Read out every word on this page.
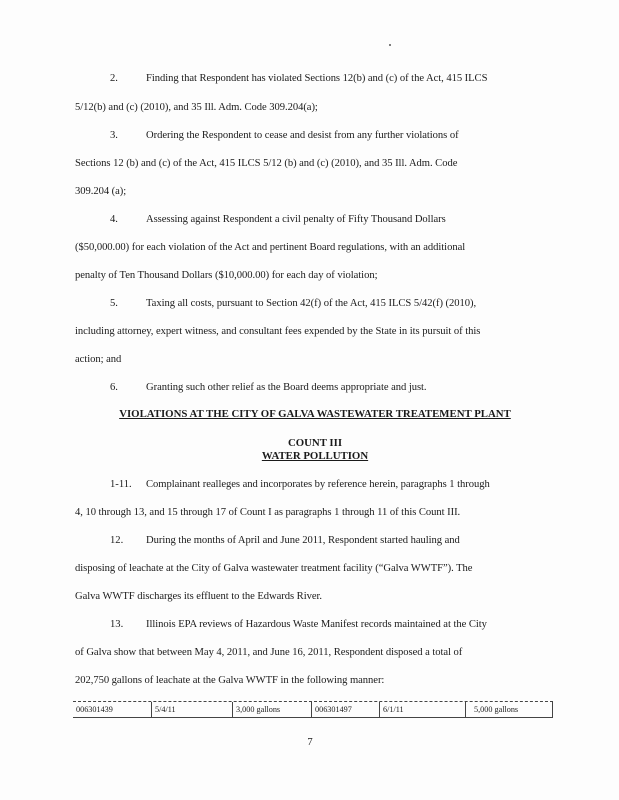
2.	Finding that Respondent has violated Sections 12(b) and (c) of the Act, 415 ILCS
5/12(b) and (c) (2010), and 35 Ill. Adm. Code 309.204(a);
3.	Ordering the Respondent to cease and desist from any further violations of
Sections 12 (b) and (c) of the Act, 415 ILCS 5/12 (b) and (c) (2010), and 35 Ill. Adm. Code
309.204 (a);
4.	Assessing against Respondent a civil penalty of Fifty Thousand Dollars
($50,000.00) for each violation of the Act and pertinent Board regulations, with an additional
penalty of Ten Thousand Dollars ($10,000.00) for each day of violation;
5.	Taxing all costs, pursuant to Section 42(f) of the Act, 415 ILCS 5/42(f) (2010),
including attorney, expert witness, and consultant fees expended by the State in its pursuit of this
action; and
6.	Granting such other relief as the Board deems appropriate and just.
VIOLATIONS AT THE CITY OF GALVA WASTEWATER TREATEMENT PLANT
COUNT III
WATER POLLUTION
1-11. Complainant realleges and incorporates by reference herein, paragraphs 1 through
4, 10 through 13, and 15 through 17 of Count I as paragraphs 1 through 11 of this Count III.
12. During the months of April and June 2011, Respondent started hauling and
disposing of leachate at the City of Galva wastewater treatment facility (“Galva WWTF”). The
Galva WWTF discharges its effluent to the Edwards River.
13. Illinois EPA reviews of Hazardous Waste Manifest records maintained at the City
of Galva show that between May 4, 2011, and June 16, 2011, Respondent disposed a total of
202,750 gallons of leachate at the Galva WWTF in the following manner:
006301439	5/4/11	3,000 gallons	006301497	6/1/11	5,000 gallons
7
